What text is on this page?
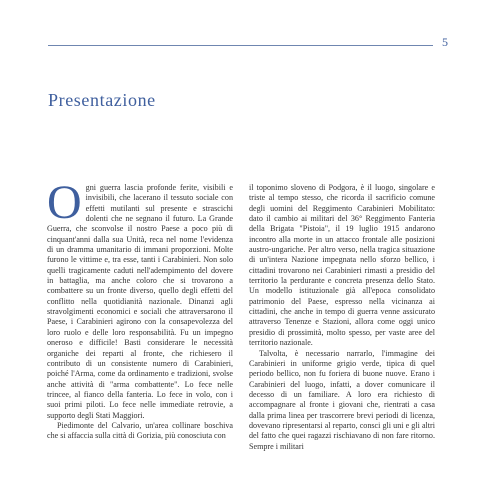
5
Presentazione

Ogni guerra lascia profonde ferite, visibili e invisibili, che lacerano il tessuto sociale con effetti mutilanti sul presente e strascichi dolenti che ne segnano il futuro. La Grande Guerra, che sconvolse il nostro Paese a poco più di cinquant'anni dalla sua Unità, reca nel nome l'evidenza di un dramma umanitario di immani proporzioni. Molte furono le vittime e, tra esse, tanti i Carabinieri. Non solo quelli tragicamente caduti nell'adempimento del dovere in battaglia, ma anche coloro che si trovarono a combattere su un fronte diverso, quello degli effetti del conflitto nella quotidianità nazionale. Dinanzi agli stravolgimenti economici e sociali che attraversarono il Paese, i Carabinieri agirono con la consapevolezza del loro ruolo e delle loro responsabilità. Fu un impegno oneroso e difficile! Basti considerare le necessità organiche dei reparti al fronte, che richiesero il contributo di un consistente numero di Carabinieri, poiché l'Arma, come da ordinamento e tradizioni, svolse anche attività di "arma combattente". Lo fece nelle trincee, al fianco della fanteria. Lo fece in volo, con i suoi primi piloti. Lo fece nelle immediate retrovie, a supporto degli Stati Maggiori.

Piedimonte del Calvario, un'area collinare boschiva che si affaccia sulla città di Gorizia, più conosciuta con

il toponimo sloveno di Podgora, è il luogo, singolare e triste al tempo stesso, che ricorda il sacrificio comune degli uomini del Reggimento Carabinieri Mobilitato: dato il cambio ai militari del 36° Reggimento Fanteria della Brigata "Pistoia", il 19 luglio 1915 andarono incontro alla morte in un attacco frontale alle posizioni austro-ungariche. Per altro verso, nella tragica situazione di un'intera Nazione impegnata nello sforzo bellico, i cittadini trovarono nei Carabinieri rimasti a presidio del territorio la perdurante e concreta presenza dello Stato. Un modello istituzionale già all'epoca consolidato patrimonio del Paese, espresso nella vicinanza ai cittadini, che anche in tempo di guerra venne assicurato attraverso Tenenze e Stazioni, allora come oggi unico presidio di prossimità, molto spesso, per vaste aree del territorio nazionale.

Talvolta, è necessario narrarlo, l'immagine dei Carabinieri in uniforme grigio verde, tipica di quel periodo bellico, non fu foriera di buone nuove. Erano i Carabinieri del luogo, infatti, a dover comunicare il decesso di un familiare. A loro era richiesto di accompagnare al fronte i giovani che, rientrati a casa dalla prima linea per trascorrere brevi periodi di licenza, dovevano ripresentarsi al reparto, consci gli uni e gli altri del fatto che quei ragazzi rischiavano di non fare ritorno. Sempre i militari
